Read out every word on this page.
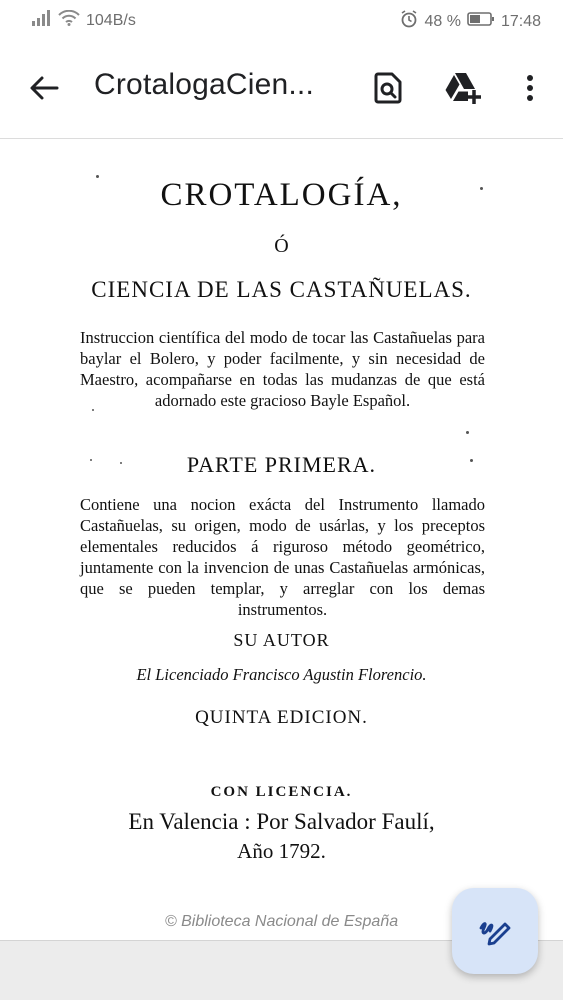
104B/s	48 %	17:48
CrotalogaCien...
CROTALOGÍA,
Ó
CIENCIA DE LAS CASTAÑUELAS.
Instruccion científica del modo de tocar las Castañuelas para baylar el Bolero, y poder facilmente, y sin necesidad de Maestro, acompañarse en todas las mudanzas de que está adornado este gracioso Bayle Español.
PARTE PRIMERA.
Contiene una nocion exácta del Instrumento llamado Castañuelas, su origen, modo de usárlas, y los preceptos elementales reducidos á riguroso método geométrico, juntamente con la invencion de unas Castañuelas armónicas, que se pueden templar, y arreglar con los demas instrumentos.
SU AUTOR
El Licenciado Francisco Agustin Florencio.
QUINTA EDICION.
CON LICENCIA.
En Valencia : Por Salvador Faulí,
Año 1792.
© Biblioteca Nacional de España
